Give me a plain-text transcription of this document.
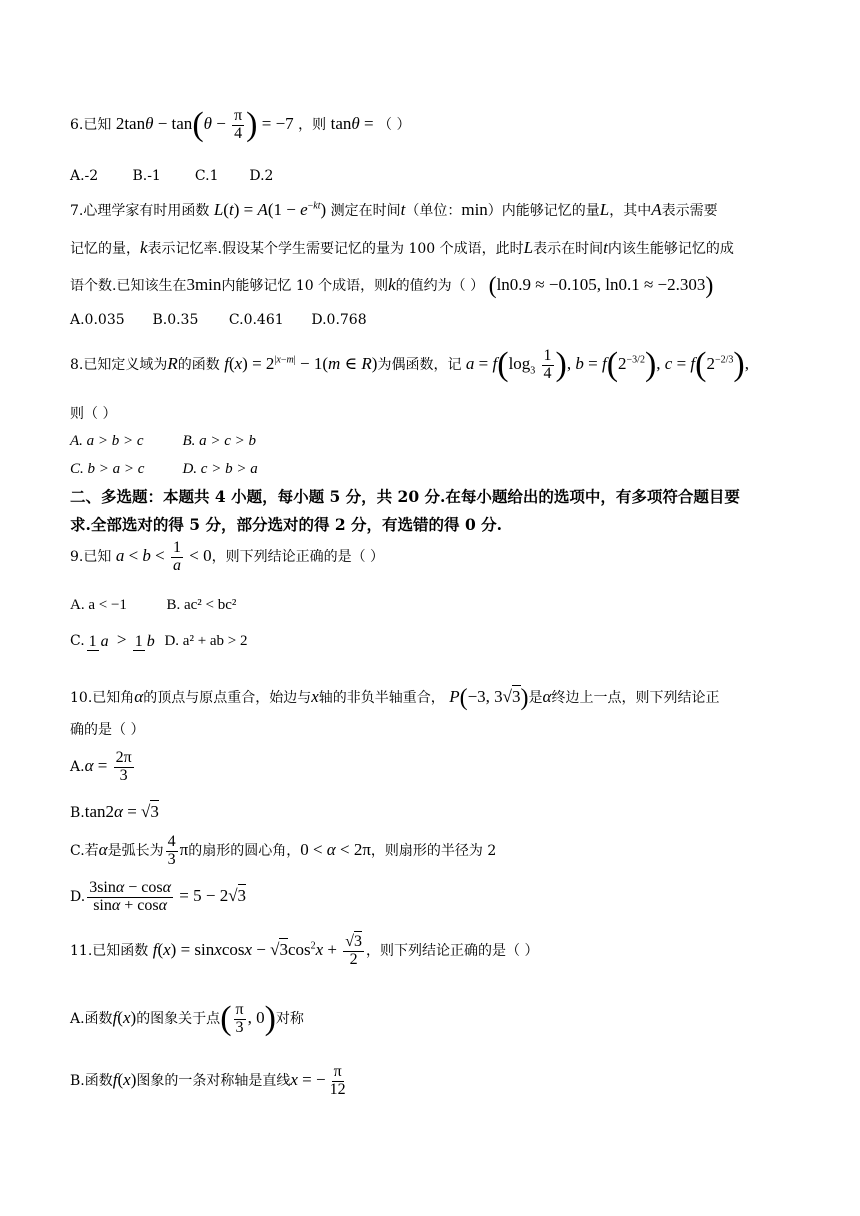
6.已知 $2\tan\theta - \tan(\theta - \frac{\pi}{4}$ ) = −7 ，则 tanθ = （ ）
A.-2 B.-1 C.1 D.2
7.心理学家有时用函数 $L(t) = A(1 - e^{-kt})$ 测定在时间t（单位：min）内能够记忆的量L，其中A表示需要
记忆的量，k表示记忆率.假设某个学生需要记忆的量为 100 个成语，此时L表示在时间t内该生能够记忆的成
语个数.已知该生在3min内能够记忆 10 个成语，则k的值约为（ ） (ln0.9 ≈ −0.105, ln0.1 ≈ −2.303)
A.0.035 B.0.35 C.0.461 D.0.768
8.已知定义域为R的函数 $f(x) = 2^{|x-m|} - 1(m$ ∈ R)为偶函数，记 $a = f(\log_3 \frac{1}{4}$ ), $b = f(2^{-3/2})$, $c = f(2^{-2/3})$,
则（ ）
A. a > b > c	B. a > c > b
C. b > a > c	D. c > b > a
二、多选题：本题共 4 小题，每小题 5 分，共 20 分.在每小题给出的选项中，有多项符合题目要
求.全部选对的得 5 分，部分选对的得 2 分，有选错的得 0 分.
9.已知 $a < b < \frac{1}{a} < 0$，则下列结论正确的是（ ）
A. a < −1	B. ac² < bc²
C. 1 a > 1 b D. a² + ab > 2
10.已知角α的顶点与原点重合，始边与x轴的非负半轴重合， P(−3, 3√3)是α终边上一点，则下列结论正
确的是（ ）
$A.\alpha = \frac{2\pi}{3}$
B.tan2α = √3
C.若α是弧长为 $\frac{4}{3}$ π的扇形的圆心角，0 < α < 2π，则扇形的半径为 2
D. $\frac{3\sin\alpha - \cos\alpha}{\sin\alpha + \cos\alpha} = 5 - 2√3$
11.已知函数 f(x) = sinxcosx − $√3\cos^2x + \frac{√3}{2}$ ，则下列结论正确的是（ ）
A.函数f(x)的图象关于点( $\frac{\pi}{3}$ , 0)对称
B.函数f(x)图象的一条对称轴是直线x = − $\frac{\pi}{12}$
